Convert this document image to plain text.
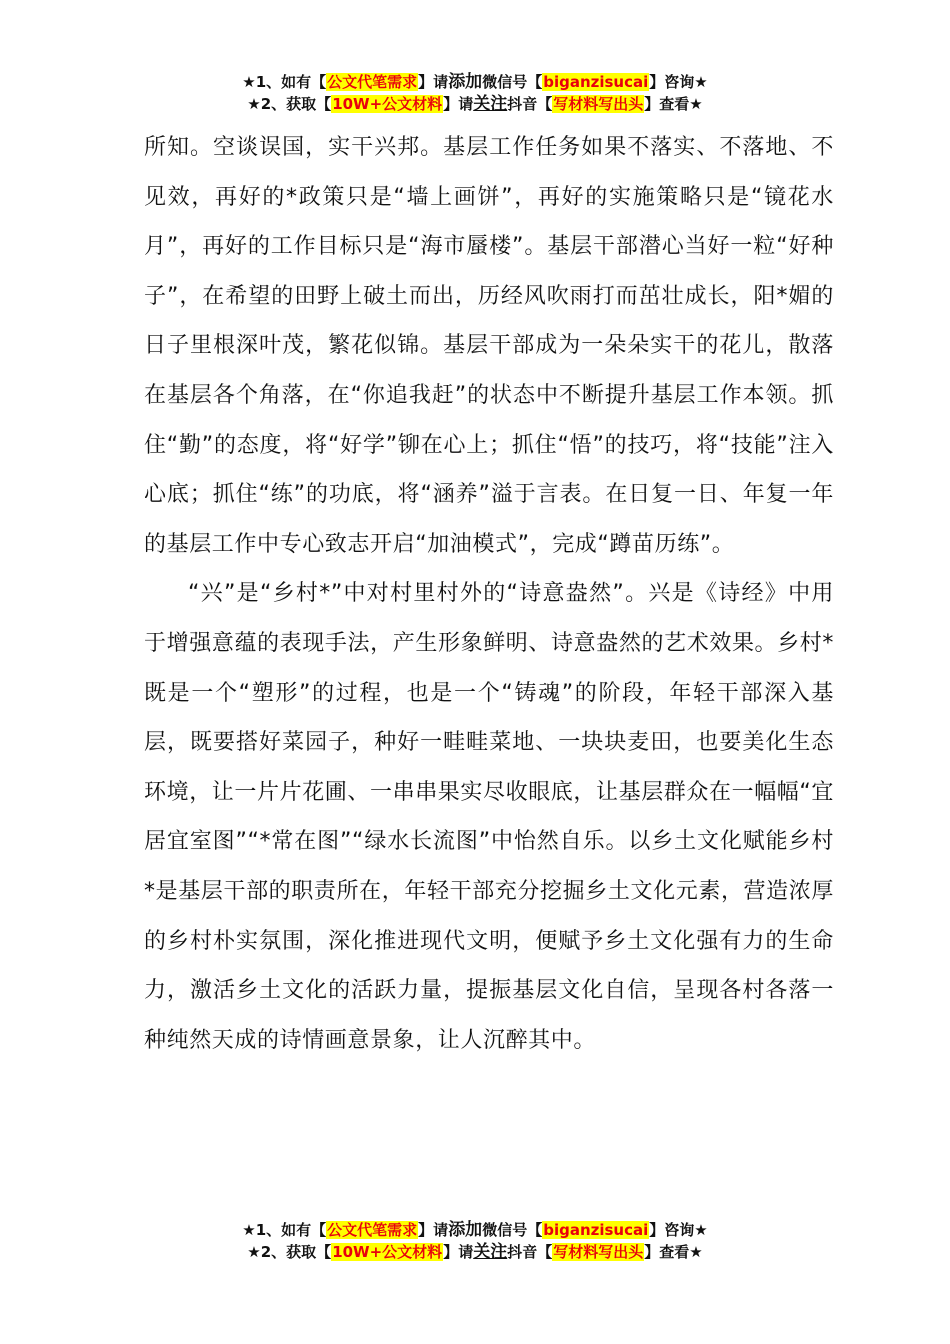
★1、如有【公文代笔需求】请添加微信号【biganzisucai】咨询★
★2、获取【10W+公文材料】请关注抖音【写材料写出头】查看★

所知。空谈误国，实干兴邦。基层工作任务如果不落实、不落地、不见效，再好的*政策只是“墙上画饼”，再好的实施策略只是“镜花水月”，再好的工作目标只是“海市蜃楼”。基层干部潜心当好一粒“好种子”，在希望的田野上破土而出，历经风吹雨打而茁壮成长，阳*媚的日子里根深叶茂，繁花似锦。基层干部成为一朵朵实干的花儿，散落在基层各个角落，在“你追我赶”的状态中不断提升基层工作本领。抓住“勤”的态度，将“好学”铆在心上；抓住“悟”的技巧，将“技能”注入心底；抓住“练”的功底，将“涵养”溢于言表。在日复一日、年复一年的基层工作中专心致志开启“加油模式”，完成“蹲苗历练”。

“兴”是“乡村*”中对村里村外的“诗意盎然”。兴是《诗经》中用于增强意蕴的表现手法，产生形象鲜明、诗意盎然的艺术效果。乡村*既是一个“塑形”的过程，也是一个“铸魂”的阶段，年轻干部深入基层，既要搭好菜园子，种好一畦畦菜地、一块块麦田，也要美化生态环境，让一片片花圃、一串串果实尽收眼底，让基层群众在一幅幅“宜居宜室图”“*常在图”“绿水长流图”中怡然自乐。以乡土文化赋能乡村*是基层干部的职责所在，年轻干部充分挖掘乡土文化元素，营造浓厚的乡村朴实氛围，深化推进现代文明，便赋予乡土文化强有力的生命力，激活乡土文化的活跃力量，提振基层文化自信，呈现各村各落一种纯然天成的诗情画意景象，让人沉醉其中。

★1、如有【公文代笔需求】请添加微信号【biganzisucai】咨询★
★2、获取【10W+公文材料】请关注抖音【写材料写出头】查看★
